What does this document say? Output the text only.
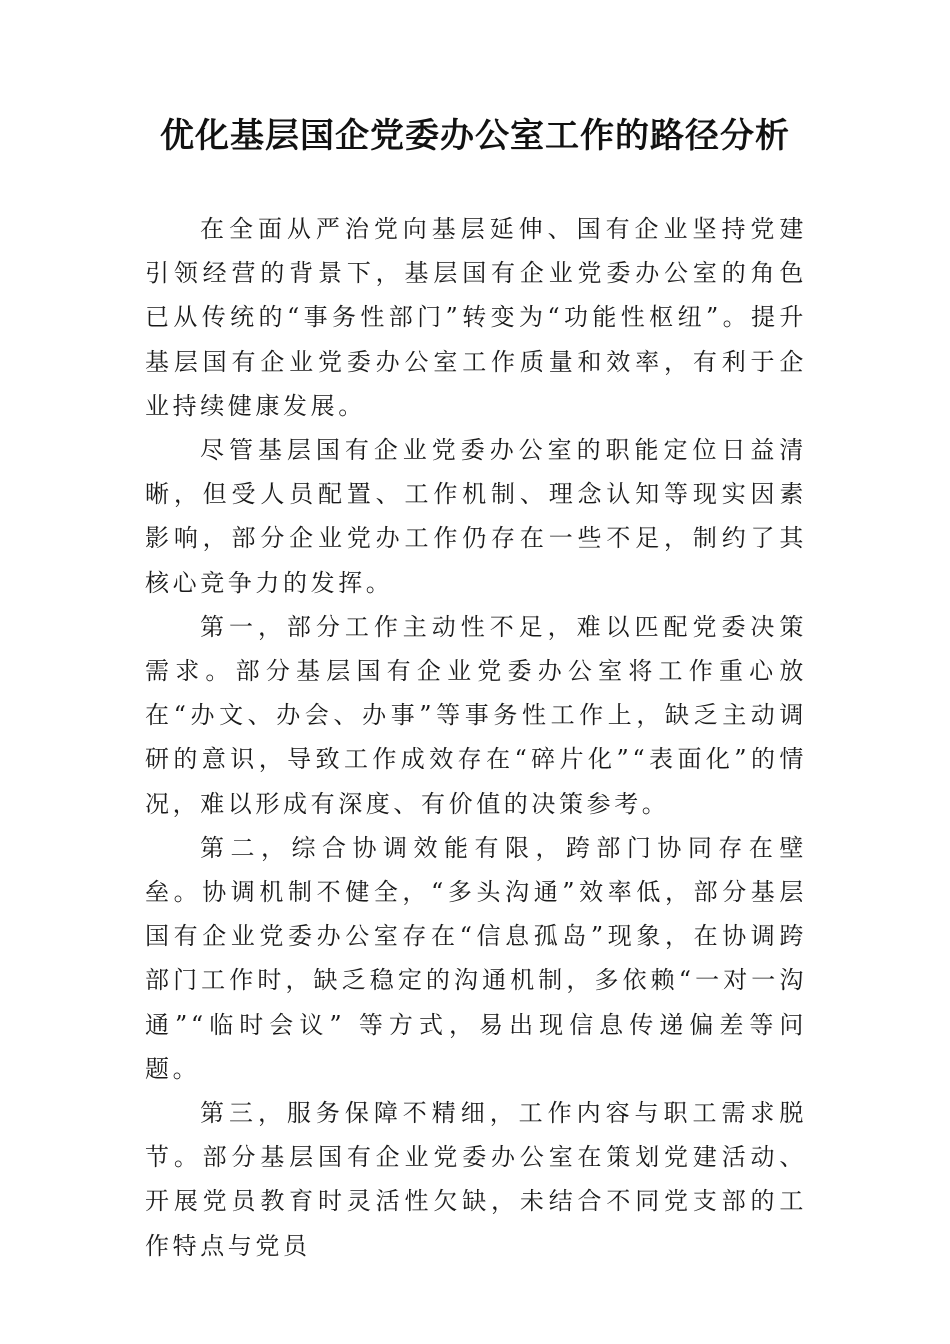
优化基层国企党委办公室工作的路径分析

在全面从严治党向基层延伸、国有企业坚持党建引领经营的背景下，基层国有企业党委办公室的角色已从传统的“事务性部门”转变为“功能性枢纽”。提升基层国有企业党委办公室工作质量和效率，有利于企业持续健康发展。

尽管基层国有企业党委办公室的职能定位日益清晰，但受人员配置、工作机制、理念认知等现实因素影响，部分企业党办工作仍存在一些不足，制约了其核心竞争力的发挥。

第一，部分工作主动性不足，难以匹配党委决策需求。部分基层国有企业党委办公室将工作重心放在“办文、办会、办事”等事务性工作上，缺乏主动调研的意识，导致工作成效存在“碎片化”“表面化”的情况，难以形成有深度、有价值的决策参考。

第二，综合协调效能有限，跨部门协同存在壁垒。协调机制不健全，“多头沟通”效率低，部分基层国有企业党委办公室存在“信息孤岛”现象，在协调跨部门工作时，缺乏稳定的沟通机制，多依赖“一对一沟通”“临时会议” 等方式，易出现信息传递偏差等问题。

第三，服务保障不精细，工作内容与职工需求脱节。部分基层国有企业党委办公室在策划党建活动、开展党员教育时灵活性欠缺，未结合不同党支部的工作特点与党员
